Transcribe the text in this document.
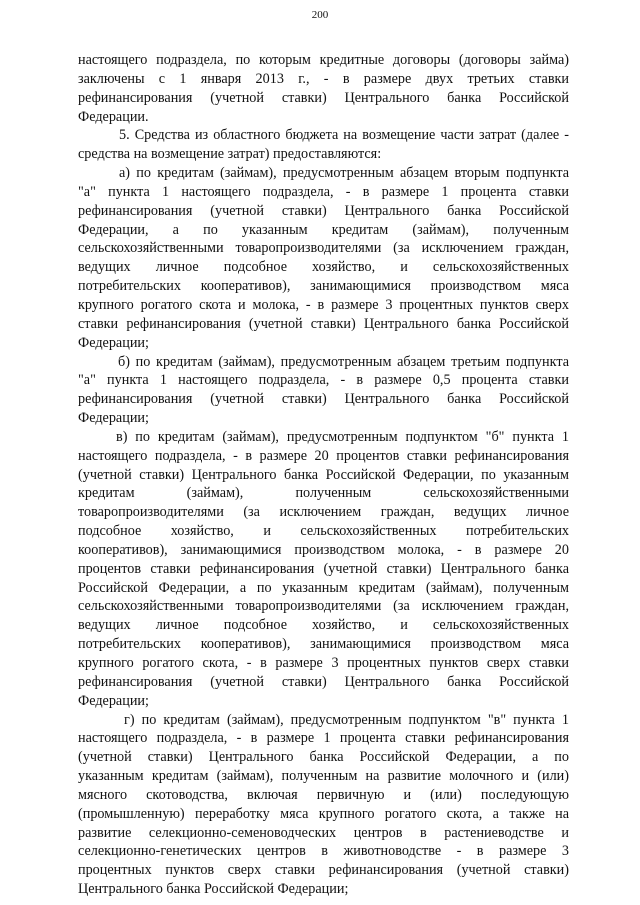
200
настоящего подраздела, по которым кредитные договоры (договоры займа)
заключены с 1 января 2013 г., - в размере двух третьих ставки
рефинансирования (учетной ставки) Центрального банка Российской
Федерации.
5. Средства из областного бюджета на возмещение части затрат (далее -
средства на возмещение затрат) предоставляются:
а) по кредитам (займам), предусмотренным абзацем вторым подпункта
"а" пункта 1 настоящего подраздела, - в размере 1 процента ставки
рефинансирования (учетной ставки) Центрального банка Российской
Федерации, а по указанным кредитам (займам), полученным
сельскохозяйственными товаропроизводителями (за исключением граждан,
ведущих личное подсобное хозяйство, и сельскохозяйственных
потребительских кооперативов), занимающимися производством мяса
крупного рогатого скота и молока, - в размере 3 процентных пунктов сверх
ставки рефинансирования (учетной ставки) Центрального банка Российской
Федерации;
б) по кредитам (займам), предусмотренным абзацем третьим подпункта
"а" пункта 1 настоящего подраздела, - в размере 0,5 процента ставки
рефинансирования (учетной ставки) Центрального банка Российской
Федерации;
в) по кредитам (займам), предусмотренным подпунктом "б" пункта 1
настоящего подраздела, - в размере 20 процентов ставки рефинансирования
(учетной ставки) Центрального банка Российской Федерации, по указанным
кредитам (займам), полученным сельскохозяйственными
товаропроизводителями (за исключением граждан, ведущих личное
подсобное хозяйство, и сельскохозяйственных потребительских
кооперативов), занимающимися производством молока, - в размере 20
процентов ставки рефинансирования (учетной ставки) Центрального банка
Российской Федерации, а по указанным кредитам (займам), полученным
сельскохозяйственными товаропроизводителями (за исключением граждан,
ведущих личное подсобное хозяйство, и сельскохозяйственных
потребительских кооперативов), занимающимися производством мяса
крупного рогатого скота, - в размере 3 процентных пунктов сверх ставки
рефинансирования (учетной ставки) Центрального банка Российской
Федерации;
г) по кредитам (займам), предусмотренным подпунктом "в" пункта 1
настоящего подраздела, - в размере 1 процента ставки рефинансирования
(учетной ставки) Центрального банка Российской Федерации, а по
указанным кредитам (займам), полученным на развитие молочного и (или)
мясного скотоводства, включая первичную и (или) последующую
(промышленную) переработку мяса крупного рогатого скота, а также на
развитие селекционно-семеноводческих центров в растениеводстве и
селекционно-генетических центров в животноводстве - в размере 3
процентных пунктов сверх ставки рефинансирования (учетной ставки)
Центрального банка Российской Федерации;
